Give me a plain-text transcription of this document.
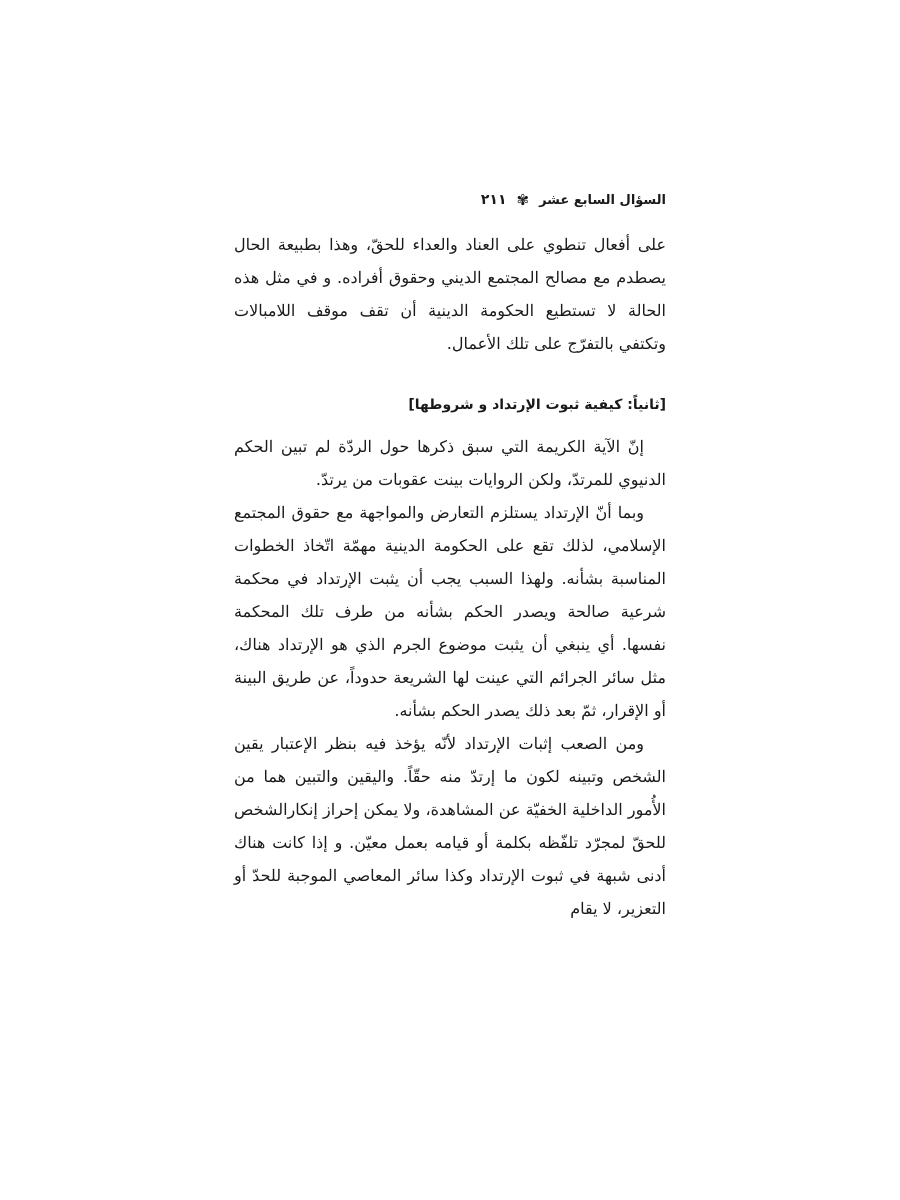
السؤال السابع عشر
✾
٢١١

على أفعال تنطوي على العناد والعداء للحقّ، وهذا بطبيعة الحال يصطدم مع مصالح المجتمع الديني وحقوق أفراده. و في مثل هذه الحالة لا تستطيع الحكومة الدينية أن تقف موقف اللامبالات وتكتفي بالتفرّج على تلك الأعمال.

[ثانياً: كيفية ثبوت الإرتداد و شروطها]

إنّ الآية الكريمة التي سبق ذكرها حول الردّة لم تبين الحكم الدنيوي للمرتدّ، ولكن الروايات بينت عقوبات من يرتدّ.

وبما أنّ الإرتداد يستلزم التعارض والمواجهة مع حقوق المجتمع الإسلامي، لذلك تقع على الحكومة الدينية مهمّة اتّخاذ الخطوات المناسبة بشأنه. ولهذا السبب يجب أن يثبت الإرتداد في محكمة شرعية صالحة ويصدر الحكم بشأنه من طرف تلك المحكمة نفسها. أي ينبغي أن يثبت موضوع الجرم الذي هو الإرتداد هناك، مثل سائر الجرائم التي عينت لها الشريعة حدوداً، عن طريق البينة أو الإقرار، ثمّ بعد ذلك يصدر الحكم بشأنه.

ومن الصعب إثبات الإرتداد لأنّه يؤخذ فيه بنظر الإعتبار يقين الشخص وتبينه لكون ما إرتدّ منه حقّاً. واليقين والتبين هما من الأُمور الداخلية الخفيّة عن المشاهدة، ولا يمكن إحراز إنكارالشخص للحقّ لمجرّد تلفّظه بكلمة أو قيامه بعمل معيّن. و إذا كانت هناك أدنى شبهة في ثبوت الإرتداد وكذا سائر المعاصي الموجبة للحدّ أو التعزير، لا يقام
